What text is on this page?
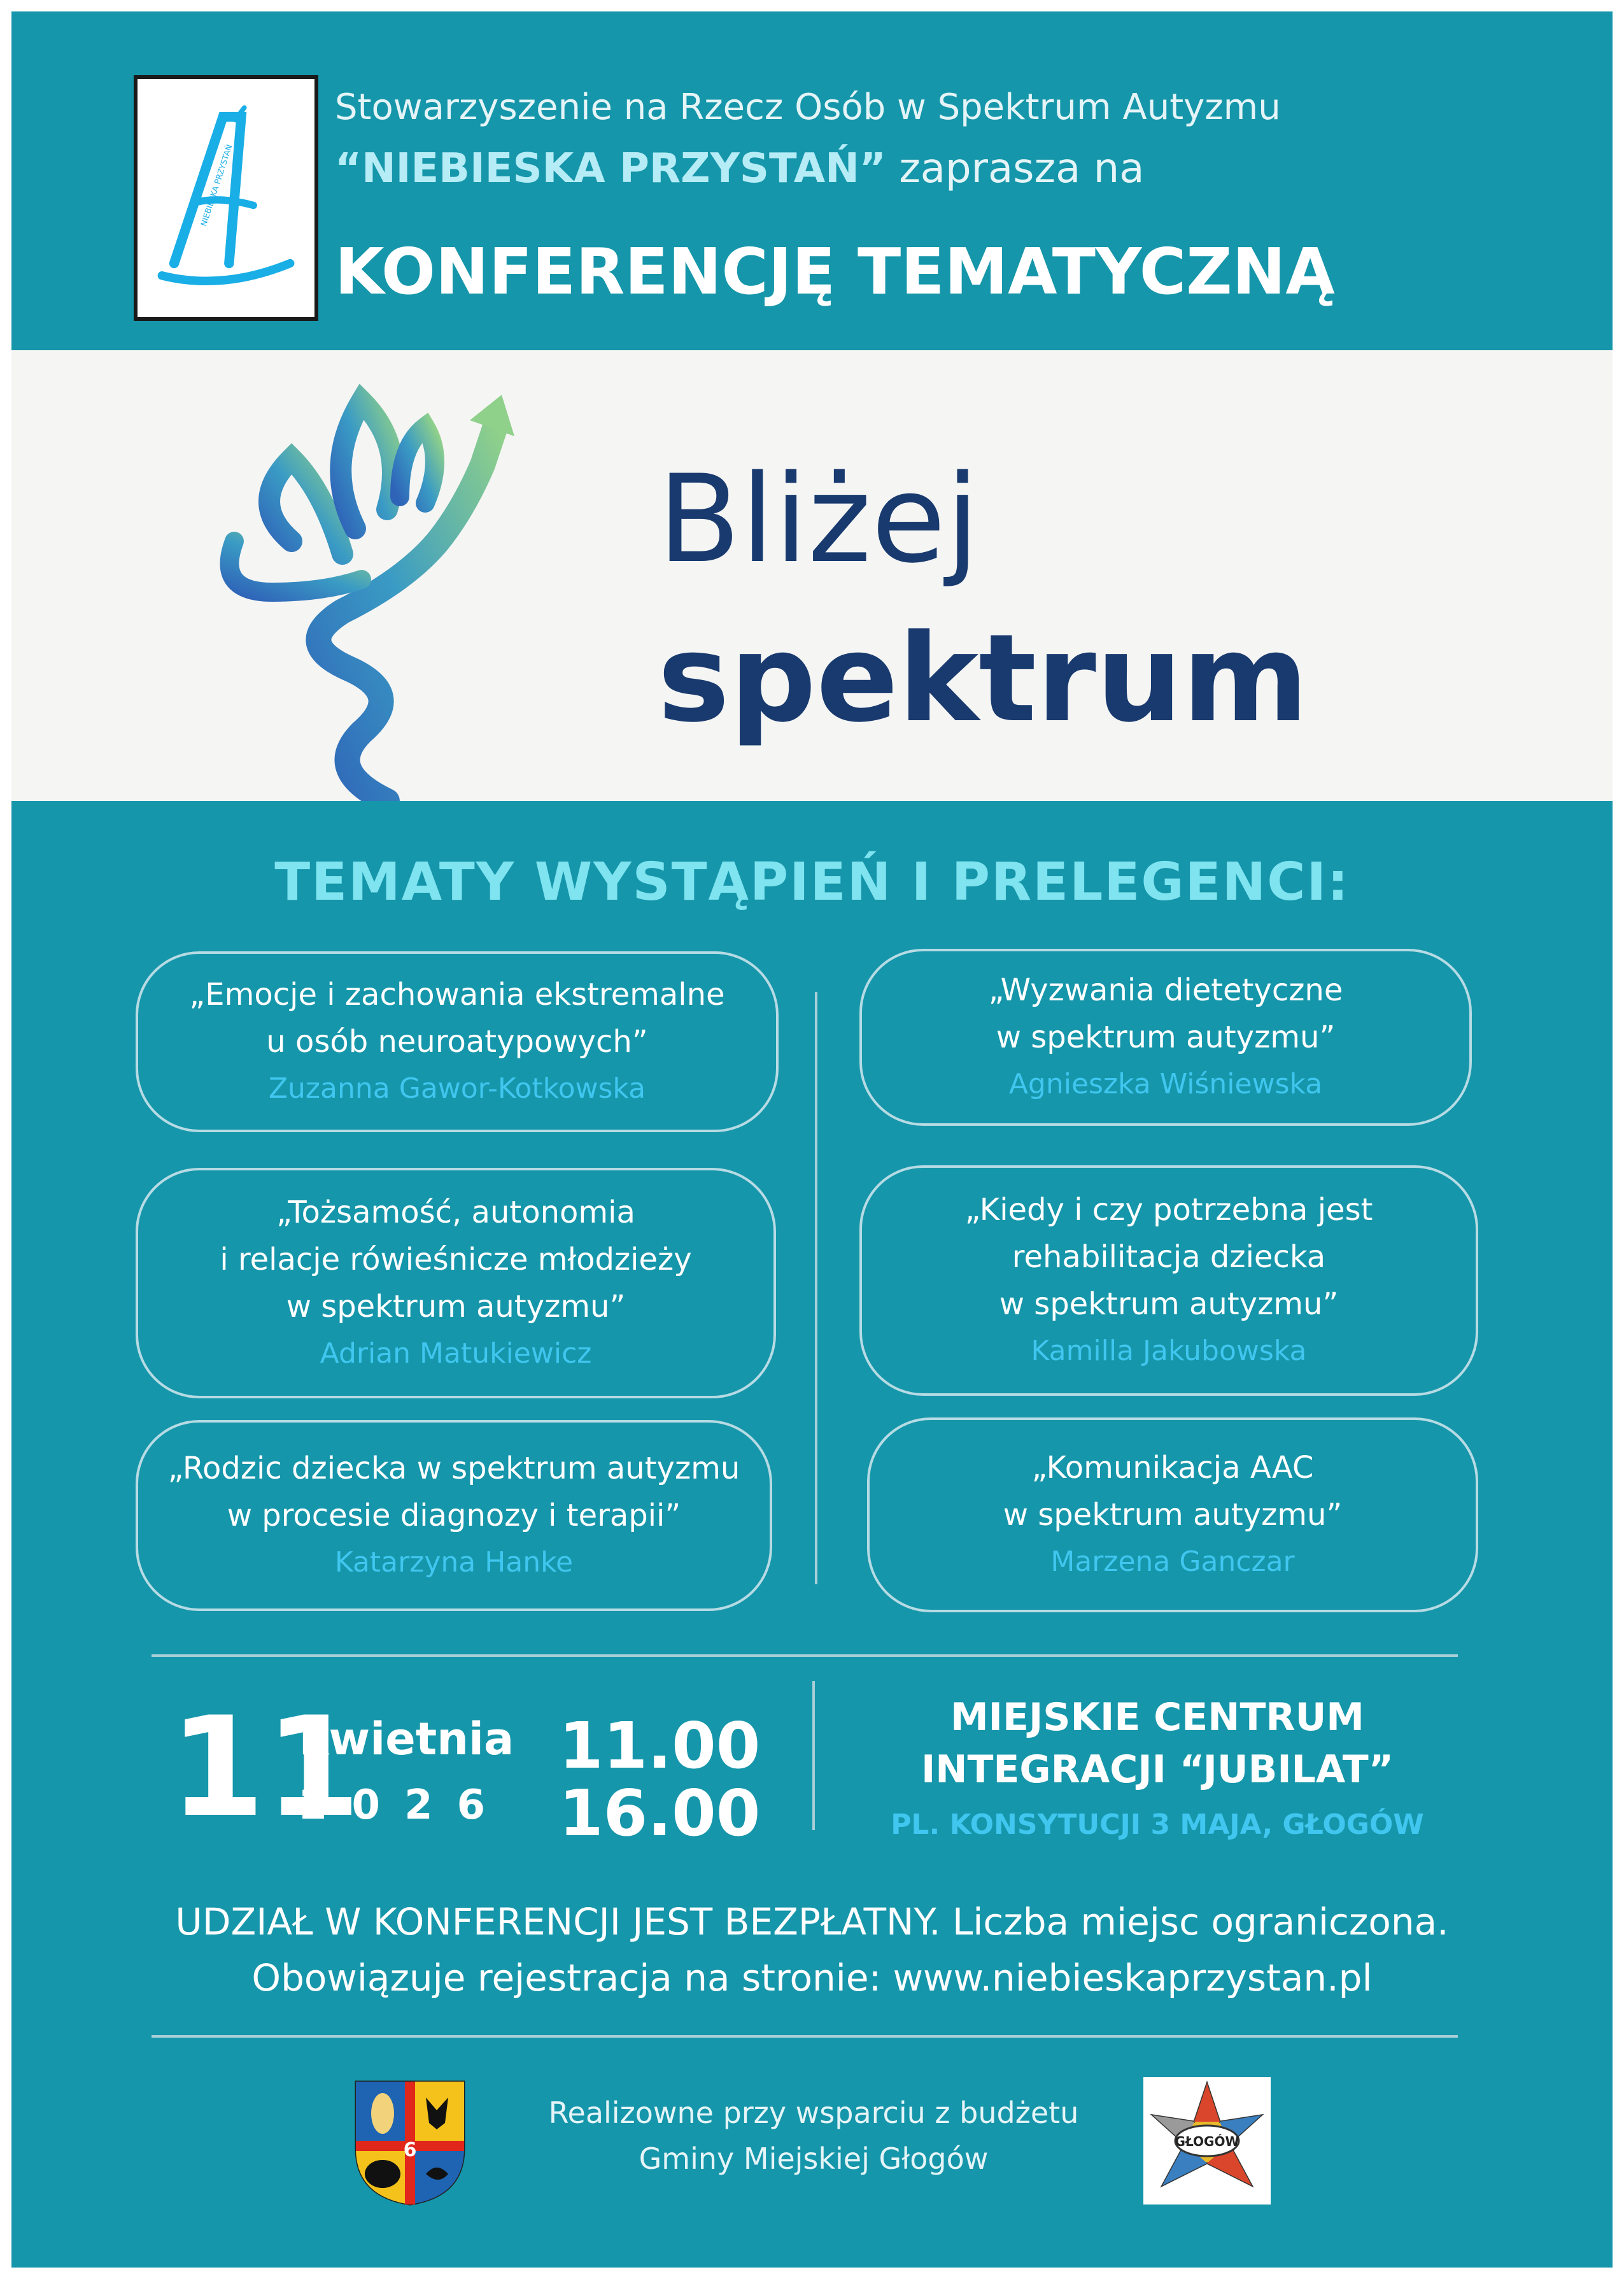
NIEBIESKA PRZYSTAŃ
Stowarzyszenie na Rzecz Osób w Spektrum Autyzmu
“NIEBIESKA PRZYSTAŃ” zaprasza na
KONFERENCJĘ TEMATYCZNĄ
Bliżej
spektrum
TEMATY WYSTĄPIEŃ I PRELEGENCI:
„Emocje i zachowania ekstremalne
u osób neuroatypowych”
Zuzanna Gawor-Kotkowska
„Wyzwania dietetyczne
w spektrum autyzmu”
Agnieszka Wiśniewska
„Tożsamość, autonomia
i relacje rówieśnicze młodzieży
w spektrum autyzmu”
Adrian Matukiewicz
„Kiedy i czy potrzebna jest
rehabilitacja dziecka
w spektrum autyzmu”
Kamilla Jakubowska
„Rodzic dziecka w spektrum autyzmu
w procesie diagnozy i terapii”
Katarzyna Hanke
„Komunikacja AAC
w spektrum autyzmu”
Marzena Ganczar
11
kwietnia
2026
11.00
16.00
MIEJSKIE CENTRUM
INTEGRACJI “JUBILAT”
PL. KONSYTUCJI 3 MAJA, GŁOGÓW
UDZIAŁ W KONFERENCJI JEST BEZPŁATNY. Liczba miejsc ograniczona.
Obowiązuje rejestracja na stronie: www.niebieskaprzystan.pl
6
Realizowne przy wsparciu z budżetu
Gminy Miejskiej Głogów	GŁOGÓW
